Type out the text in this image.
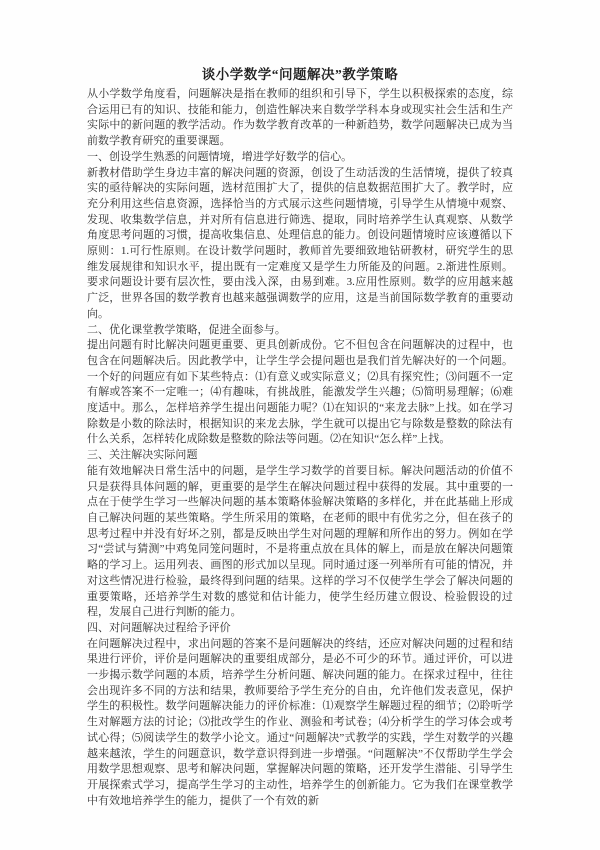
谈小学数学“问题解决”教学策略

从小学数学角度看，问题解决是指在教师的组织和引导下，学生以积极探索的态度，综合运用已有的知识、技能和能力，创造性解决来自数学学科本身或现实社会生活和生产实际中的新问题的教学活动。作为数学教育改革的一种新趋势，数学问题解决已成为当前数学教育研究的重要课题。

一、创设学生熟悉的问题情境，增进学好数学的信心。

新教材借助学生身边丰富的解决问题的资源，创设了生动活泼的生活情境，提供了较真实的亟待解决的实际问题，选材范围扩大了，提供的信息数据范围扩大了。教学时，应充分利用这些信息资源，选择恰当的方式展示这些问题情境，引导学生从情境中观察、发现、收集数学信息，并对所有信息进行筛选、提取，同时培养学生认真观察、从数学角度思考问题的习惯，提高收集信息、处理信息的能力。创设问题情境时应该遵循以下原则：1.可行性原则。在设计数学问题时，教师首先要细致地钻研教材，研究学生的思维发展规律和知识水平，提出既有一定难度又是学生力所能及的问题。2.渐进性原则。要求问题设计要有层次性，要由浅入深，由易到难。3.应用性原则。数学的应用越来越广泛，世界各国的数学教育也越来越强调数学的应用，这是当前国际数学教育的重要动向。

二、优化课堂教学策略，促进全面参与。

提出问题有时比解决问题更重要、更具创新成份。它不但包含在问题解决的过程中，也包含在问题解决后。因此教学中，让学生学会提问题也是我们首先解决好的一个问题。一个好的问题应有如下某些特点：⑴有意义或实际意义；⑵具有探究性；⑶问题不一定有解或答案不一定唯一；⑷有趣味，有挑战胜，能激发学生兴趣；⑸简明易理解；⑹难度适中。那么，怎样培养学生提出问题能力呢？⑴在知识的“来龙去脉”上找。如在学习除数是小数的除法时，根据知识的来龙去脉，学生就可以提出它与除数是整数的除法有什么关系，怎样转化成除数是整数的除法等问题。⑵在知识“怎么样”上找。

三、关注解决实际问题

能有效地解决日常生活中的问题，是学生学习数学的首要目标。解决问题活动的价值不只是获得具体问题的解，更重要的是学生在解决问题过程中获得的发展。其中重要的一点在于使学生学习一些解决问题的基本策略体验解决策略的多样化，并在此基础上形成自己解决问题的某些策略。学生所采用的策略，在老师的眼中有优劣之分，但在孩子的思考过程中并没有好坏之别，都是反映出学生对问题的理解和所作出的努力。例如在学习“尝试与猜测”中鸡兔同笼问题时，不是将重点放在具体的解上，而是放在解决问题策略的学习上。运用列表、画图的形式加以呈现。同时通过逐一列举所有可能的情况，并对这些情况进行检验，最终得到问题的结果。这样的学习不仅使学生学会了解决问题的重要策略，还培养学生对数的感觉和估计能力，使学生经历建立假设、检验假设的过程，发展自己进行判断的能力。

四、对问题解决过程给予评价

在问题解决过程中，求出问题的答案不是问题解决的终结，还应对解决问题的过程和结果进行评价，评价是问题解决的重要组成部分，是必不可少的环节。通过评价，可以进一步揭示数学问题的本质，培养学生分析问题、解决问题的能力。在探求过程中，往往会出现许多不同的方法和结果，教师要给予学生充分的自由，允许他们发表意见，保护学生的积极性。数学问题解决能力的评价标准：⑴观察学生解题过程的细节；⑵聆听学生对解题方法的讨论；⑶批改学生的作业、测验和考试卷；⑷分析学生的学习体会或考试心得；⑸阅读学生的数学小论文。通过“问题解决”式教学的实践，学生对数学的兴趣越来越浓，学生的问题意识，数学意识得到进一步增强。“问题解决”不仅帮助学生学会用数学思想观察、思考和解决问题，掌握解决问题的策略，还开发学生潜能、引导学生开展探索式学习，提高学生学习的主动性，培养学生的创新能力。它为我们在课堂教学中有效地培养学生的能力，提供了一个有效的新
